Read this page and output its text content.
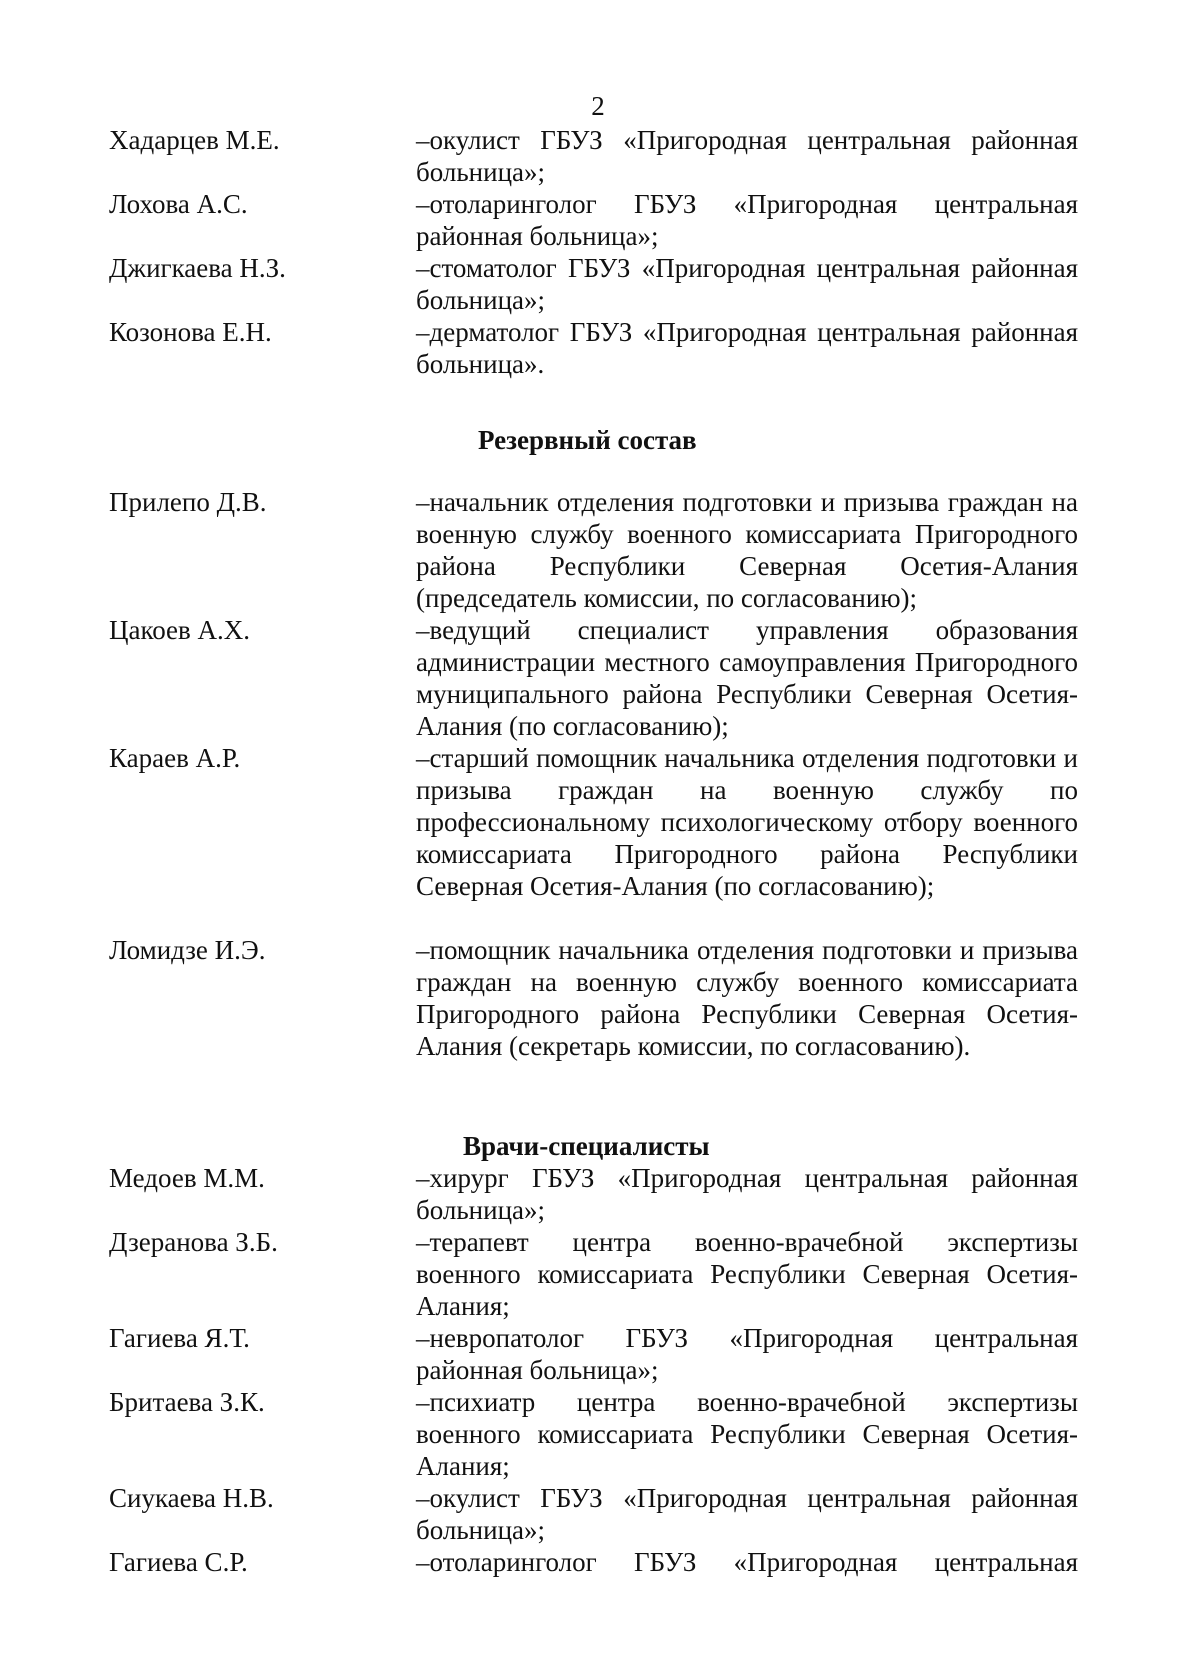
2
Хадарцев М.Е.	–окулист ГБУЗ «Пригородная центральная районная больница»;
Лохова А.С.	–отоларинголог ГБУЗ «Пригородная центральная районная больница»;
Джигкаева Н.З.	–стоматолог ГБУЗ «Пригородная центральная районная больница»;
Козонова Е.Н.	–дерматолог ГБУЗ «Пригородная центральная районная больница».
Резервный состав
Прилепо Д.В.	–начальник отделения подготовки и призыва граждан на военную службу военного комиссариата Пригородного района Республики Северная Осетия-Алания (председатель комиссии, по согласованию);
Цакоев А.Х.	–ведущий специалист управления образования администрации местного самоуправления Пригородного муниципального района Республики Северная Осетия-Алания (по согласованию);
Караев А.Р.	–старший помощник начальника отделения подготовки и призыва граждан на военную службу по профессиональному психологическому отбору военного комиссариата Пригородного района Республики Северная Осетия-Алания (по согласованию);
Ломидзе И.Э.	–помощник начальника отделения подготовки и призыва граждан на военную службу военного комиссариата Пригородного района Республики Северная Осетия-Алания (секретарь комиссии, по согласованию).
Врачи-специалисты
Медоев М.М.	–хирург ГБУЗ «Пригородная центральная районная больница»;
Дзеранова З.Б.	–терапевт центра военно-врачебной экспертизы военного комиссариата Республики Северная Осетия-Алания;
Гагиева Я.Т.	–невропатолог ГБУЗ «Пригородная центральная районная больница»;
Бритаева З.К.	–психиатр центра военно-врачебной экспертизы военного комиссариата Республики Северная Осетия-Алания;
Сиукаева Н.В.	–окулист ГБУЗ «Пригородная центральная районная больница»;
Гагиева С.Р.	–отоларинголог ГБУЗ «Пригородная центральная
